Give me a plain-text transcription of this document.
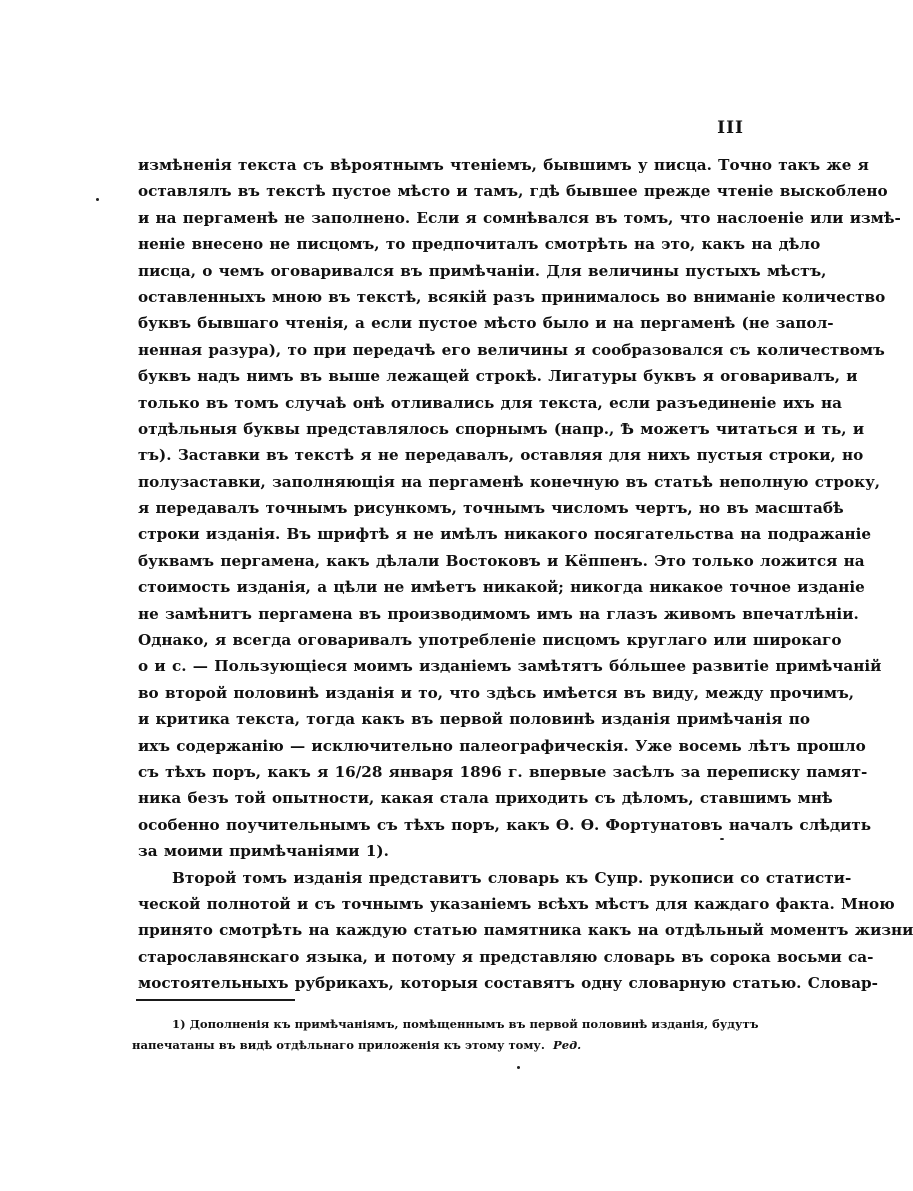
III
измѣненія текста съ вѣроятнымъ чтеніемъ, бывшимъ у писца. Точно такъ же я
оставлялъ въ текстѣ пустое мѣсто и тамъ, гдѣ бывшее прежде чтеніе выскоблено
и на пергаменѣ не заполнено. Если я сомнѣвался въ томъ, что наслоеніе или измѣ-
неніе внесено не писцомъ, то предпочиталъ смотрѣть на это, какъ на дѣло
писца, о чемъ оговаривался въ примѣчаніи. Для величины пустыхъ мѣстъ,
оставленныхъ мною въ текстѣ, всякій разъ принималось во вниманіе количество
буквъ бывшаго чтенія, а если пустое мѣсто было и на пергаменѣ (не запол-
ненная разура), то при передачѣ его величины я сообразовался съ количествомъ
буквъ надъ нимъ въ выше лежащей строкѣ. Лигатуры буквъ я оговаривалъ, и
только въ томъ случаѣ онѣ отливались для текста, если разъединеніе ихъ на
отдѣльныя буквы представлялось спорнымъ (напр., Ѣ можетъ читаться и ть, и
тъ). Заставки въ текстѣ я не передавалъ, оставляя для нихъ пустыя строки, но
полузаставки, заполняющія на пергаменѣ конечную въ статьѣ неполную строку,
я передавалъ точнымъ рисункомъ, точнымъ числомъ чертъ, но въ масштабѣ
строки изданія. Въ шрифтѣ я не имѣлъ никакого посягательства на подражаніе
буквамъ пергамена, какъ дѣлали Востоковъ и Кёппенъ. Это только ложится на
стоимость изданія, а цѣли не имѣетъ никакой; никогда никакое точное изданіе
не замѣнитъ пергамена въ производимомъ имъ на глазъ живомъ впечатлѣніи.
Однако, я всегда оговаривалъ употребленіе писцомъ круглаго или широкаго
о и с. — Пользующіеся моимъ изданіемъ замѣтятъ бо́льшее развитіе примѣчаній
во второй половинѣ изданія и то, что здѣсь имѣется въ виду, между прочимъ,
и критика текста, тогда какъ въ первой половинѣ изданія примѣчанія по
ихъ содержанію — исключительно палеографическія. Уже восемь лѣтъ прошло
съ тѣхъ поръ, какъ я 16/28 января 1896 г. впервые засѣлъ за переписку памят-
ника безъ той опытности, какая стала приходить съ дѣломъ, ставшимъ мнѣ
особенно поучительнымъ съ тѣхъ поръ, какъ Ѳ. Ѳ. Фортунатовъ началъ слѣдить
за моими примѣчаніями 1).
Второй томъ изданія представитъ словарь къ Супр. рукописи со статисти-
ческой полнотой и съ точнымъ указаніемъ всѣхъ мѣстъ для каждаго факта. Мною
принято смотрѣть на каждую статью памятника какъ на отдѣльный моментъ жизни
старославянскаго языка, и потому я представляю словарь въ сорока восьми са-
мостоятельныхъ рубрикахъ, которыя составятъ одну словарную статью. Словар-
1) Дополненія къ примѣчаніямъ, помѣщеннымъ въ первой половинѣ изданія, будутъ
напечатаны въ видѣ отдѣльнаго приложенія къ этому тому. Ред.
